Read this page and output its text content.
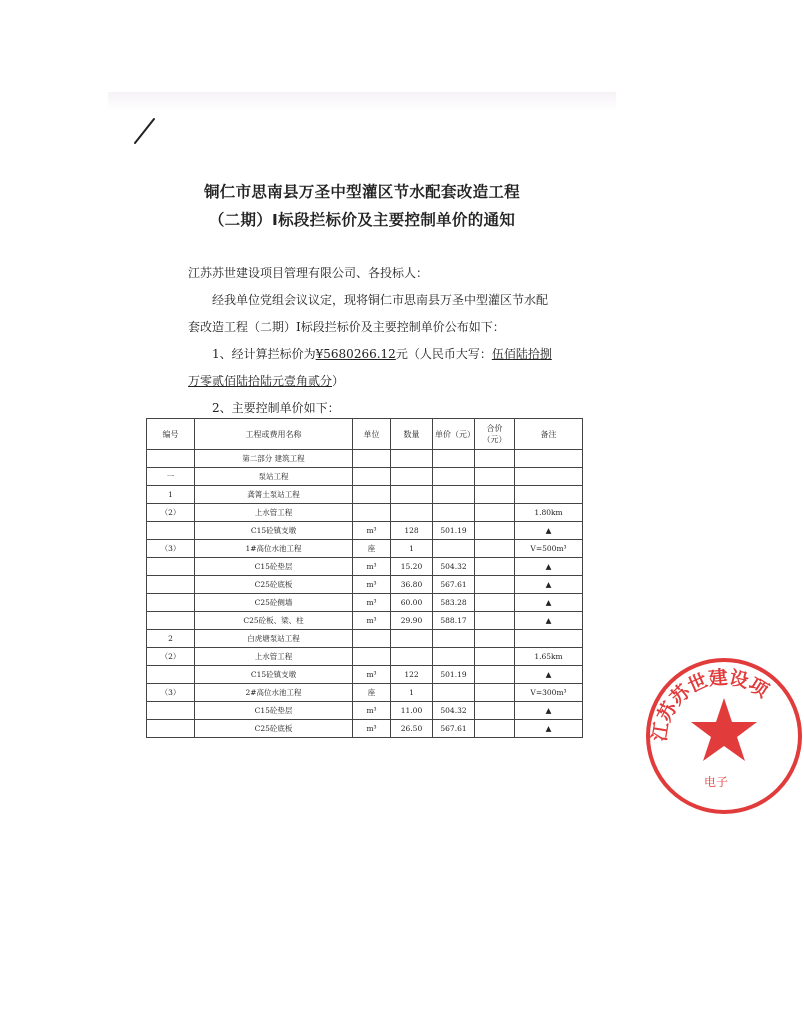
铜仁市思南县万圣中型灌区节水配套改造工程
（二期）Ⅰ标段拦标价及主要控制单价的通知
江苏苏世建设项目管理有限公司、各投标人：
经我单位党组会议议定，现将铜仁市思南县万圣中型灌区节水配
套改造工程（二期）Ⅰ标段拦标价及主要控制单价公布如下：
1、经计算拦标价为¥5680266.12元（人民币大写：伍佰陆拾捌
万零贰佰陆拾陆元壹角贰分）
2、主要控制单价如下：
编号	工程或费用名称	单位	数量	单价（元）	合价（元）	备注
	第二部分 建筑工程					
一	泵站工程					
1	龚箐土泵站工程					
（2）	上水管工程					1.80km
	C15砼镇支墩	m³	128	501.19		▲
（3）	1#高位水池工程	座	1			V=500m³
	C15砼垫层	m³	15.20	504.32		▲
	C25砼底板	m³	36.80	567.61		▲
	C25砼侧墙	m³	60.00	583.28		▲
	C25砼板、梁、柱	m³	29.90	588.17		▲
2	白虎塘泵站工程					
（2）	上水管工程					1.65km
	C15砼镇支墩	m³	122	501.19		▲
（3）	2#高位水池工程	座	1			V=300m³
	C15砼垫层	m³	11.00	504.32		▲
	C25砼底板	m³	26.50	567.61		▲	江苏苏世建设项
电子
